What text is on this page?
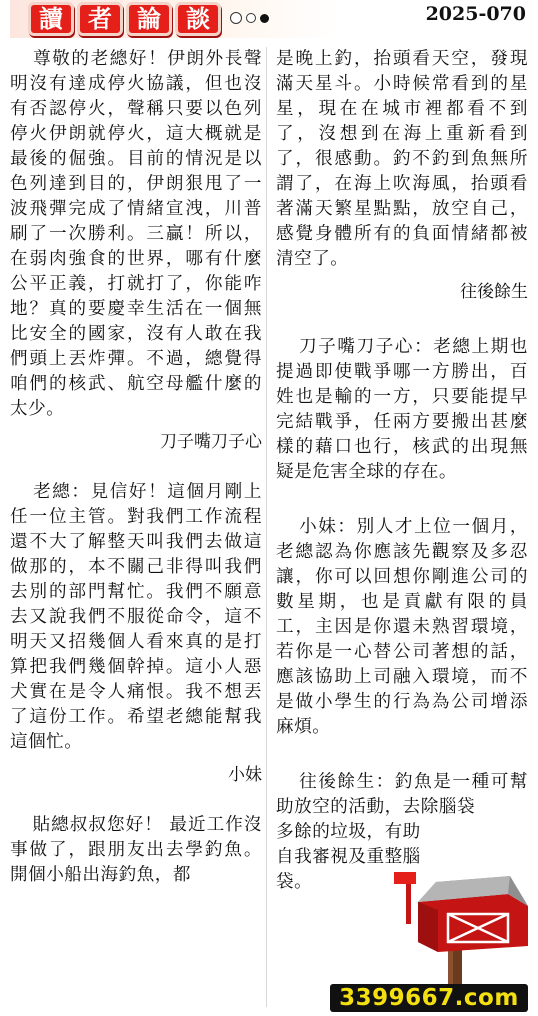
讀	者	論	談	2025-070

尊敬的老總好！伊朗外長聲明沒有達成停火協議，但也沒有否認停火，聲稱只要以色列停火伊朗就停火，這大概就是最後的倔強。目前的情況是以色列達到目的，伊朗狠甩了一波飛彈完成了情緒宣洩，川普刷了一次勝利。三贏！所以，在弱肉強食的世界，哪有什麼公平正義，打就打了，你能咋地？真的要慶幸生活在一個無比安全的國家，沒有人敢在我們頭上丟炸彈。不過，總覺得咱們的核武、航空母艦什麼的太少。

刀子嘴刀子心

老總：見信好！這個月剛上任一位主管。對我們工作流程還不大了解整天叫我們去做這做那的，本不關己非得叫我們去別的部門幫忙。我們不願意去又說我們不服從命令，這不明天又招幾個人看來真的是打算把我們幾個幹掉。這小人惡犬實在是令人痛恨。我不想丟了這份工作。希望老總能幫我這個忙。

小妹

貼總叔叔您好！ 最近工作沒事做了，跟朋友出去學釣魚。開個小船出海釣魚，都

是晚上釣，抬頭看天空，發現滿天星斗。小時候常看到的星星，現在在城市裡都看不到了，沒想到在海上重新看到了，很感動。釣不釣到魚無所謂了，在海上吹海風，抬頭看著滿天繁星點點，放空自己，感覺身體所有的負面情緒都被清空了。

往後餘生

刀子嘴刀子心：老總上期也提過即使戰爭哪一方勝出，百姓也是輸的一方，只要能提早完結戰爭，任兩方要搬出甚麼樣的藉口也行，核武的出現無疑是危害全球的存在。

小妹：別人才上位一個月，老總認為你應該先觀察及多忍讓，你可以回想你剛進公司的數星期，也是貢獻有限的員工，主因是你還未熟習環境，若你是一心替公司著想的話，應該協助上司融入環境，而不是做小學生的行為為公司增添麻煩。

往後餘生：釣魚是一種可幫助放空的活動，去除腦袋

多餘的垃圾，有助自我審視及重整腦袋。

3399667.com
